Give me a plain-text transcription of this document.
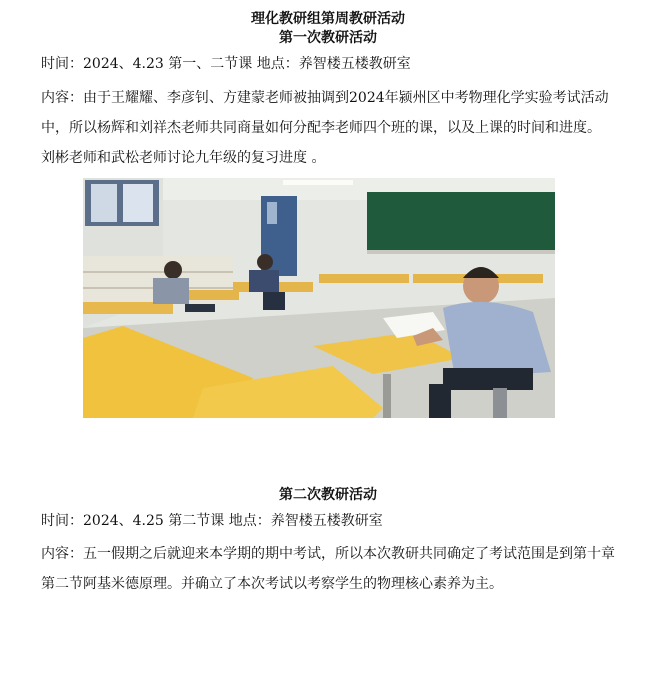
理化教研组第周教研活动
第一次教研活动
时间：2024、4.23 第一、二节课 地点：养智楼五楼教研室
内容：由于王耀耀、李彦钊、方建蒙老师被抽调到2024年颍州区中考物理化学实验考试活动中，所以杨辉和刘祥杰老师共同商量如何分配李老师四个班的课，以及上课的时间和进度。 刘彬老师和武松老师讨论九年级的复习进度 。
第二次教研活动
时间：2024、4.25 第二节课 地点：养智楼五楼教研室
内容：五一假期之后就迎来本学期的期中考试，所以本次教研共同确定了考试范围是到第十章第二节阿基米德原理。并确立了本次考试以考察学生的物理核心素养为主。
